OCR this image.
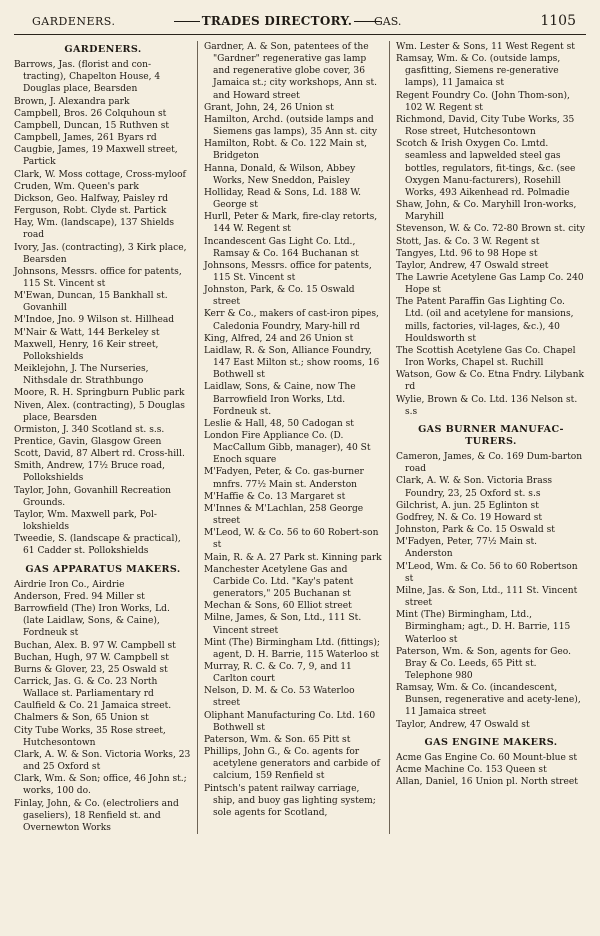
GARDENERS.	TRADES DIRECTORY.	GAS.	1105
GARDENERS.
Barrows, Jas. (florist and con-tracting), Chapelton House, 4 Douglas place, Bearsden
Brown, J. Alexandra park
Campbell, Bros. 26 Colquhoun st
Campbell, Duncan, 15 Ruthven st
Campbell, James, 261 Byars rd
Caugbie, James, 19 Maxwell street, Partick
Clark, W. Moss cottage, Cross-myloof
Cruden, Wm. Queen's park
Dickson, Geo. Halfway, Paisley rd
Ferguson, Robt. Clyde st. Partick
Hay, Wm. (landscape), 137 Shields road
Ivory, Jas. (contracting), 3 Kirk place, Bearsden
Johnsons, Messrs. office for patents, 115 St. Vincent st
M'Ewan, Duncan, 15 Bankhall st. Govanhill
M'Indoe, Jno. 9 Wilson st. Hillhead
M'Nair & Watt, 144 Berkeley st
Maxwell, Henry, 16 Keir street, Pollokshields
Meiklejohn, J. The Nurseries, Nithsdale dr. Strathbungo
Moore, R. H. Springburn Public park
Niven, Alex. (contracting), 5 Douglas place, Bearsden
Ormiston, J. 340 Scotland st. s.s.
Prentice, Gavin, Glasgow Green
Scott, David, 87 Albert rd. Cross-hill.
Smith, Andrew, 17½ Bruce road, Pollokshields
Taylor, John, Govanhill Recreation Grounds.
Taylor, Wm. Maxwell park, Pol-lokshields
Tweedie, S. (landscape & practical), 61 Cadder st. Pollokshields
GAS APPARATUS MAKERS.
Airdrie Iron Co., Airdrie
Anderson, Fred. 94 Miller st
Barrowfield (The) Iron Works, Ld. (late Laidlaw, Sons, & Caine), Fordneuk st
Buchan, Alex. B. 97 W. Campbell st
Buchan, Hugh, 97 W. Campbell st
Burns & Glover, 23, 25 Oswald st
Carrick, Jas. G. & Co. 23 North Wallace st. Parliamentary rd
Caulfield & Co. 21 Jamaica street.
Chalmers & Son, 65 Union st
City Tube Works, 35 Rose street, Hutchesontown
Clark, A. W. & Son. Victoria Works, 23 and 25 Oxford st
Clark, Wm. & Son; office, 46 John st.; works, 100 do.
Finlay, John, & Co. (electroliers and gaseliers), 18 Renfield st. and Overnewton Works
Gardner, A. & Son, patentees of the "Gardner" regenerative gas lamp and regenerative globe cover, 36 Jamaica st.; city workshops, Ann st. and Howard street
Grant, John, 24, 26 Union st
Hamilton, Archd. (outside lamps and Siemens gas lamps), 35 Ann st. city
Hamilton, Robt. & Co. 122 Main st, Bridgeton
Hanna, Donald, & Wilson, Abbey Works, New Sneddon, Paisley
Holliday, Read & Sons, Ld. 188 W. George st
Hurll, Peter & Mark, fire-clay retorts, 144 W. Regent st
Incandescent Gas Light Co. Ltd., Ramsay & Co. 164 Buchanan st
Johnsons, Messrs. office for patents, 115 St. Vincent st
Johnston, Park, & Co. 15 Oswald street
Kerr & Co., makers of cast-iron pipes, Caledonia Foundry, Mary-hill rd
King, Alfred, 24 and 26 Union st
Laidlaw, R. & Son, Alliance Foundry, 147 East Milton st.; show rooms, 16 Bothwell st
Laidlaw, Sons, & Caine, now The Barrowfield Iron Works, Ltd. Fordneuk st.
Leslie & Hall, 48, 50 Cadogan st
London Fire Appliance Co. (D. MacCallum Gibb, manager), 40 St Enoch square
M'Fadyen, Peter, & Co. gas-burner mnfrs. 77½ Main st. Anderston
M'Haffie & Co. 13 Margaret st
M'Innes & M'Lachlan, 258 George street
M'Leod, W. & Co. 56 to 60 Robert-son st
Main, R. & A. 27 Park st. Kinning park
Manchester Acetylene Gas and Carbide Co. Ltd. "Kay's patent generators," 205 Buchanan st
Mechan & Sons, 60 Elliot street
Milne, James, & Son, Ltd., 111 St. Vincent street
Mint (The) Birmingham Ltd. (fittings); agent, D. H. Barrie, 115 Waterloo st
Murray, R. C. & Co. 7, 9, and 11 Carlton court
Nelson, D. M. & Co. 53 Waterloo street
Oliphant Manufacturing Co. Ltd. 160 Bothwell st
Paterson, Wm. & Son. 65 Pitt st
Phillips, John G., & Co. agents for acetylene generators and carbide of calcium, 159 Renfield st
Pintsch's patent railway carriage, ship, and buoy gas lighting system; sole agents for Scotland,
Wm. Lester & Sons, 11 West Regent st
Ramsay, Wm. & Co. (outside lamps, gasfitting, Siemens re-generative lamps), 11 Jamaica st
Regent Foundry Co. (John Thom-son), 102 W. Regent st
Richmond, David, City Tube Works, 35 Rose street, Hutchesontown
Scotch & Irish Oxygen Co. Lmtd. seamless and lapwelded steel gas bottles, regulators, fit-tings, &c. (see Oxygen Manu-facturers), Rosehill Works, 493 Aikenhead rd. Polmadie
Shaw, John, & Co. Maryhill Iron-works, Maryhill
Stevenson, W. & Co. 72-80 Brown st. city
Stott, Jas. & Co. 3 W. Regent st
Tangyes, Ltd. 96 to 98 Hope st
Taylor, Andrew, 47 Oswald street
The Lawrie Acetylene Gas Lamp Co. 240 Hope st
The Patent Paraffin Gas Lighting Co. Ltd. (oil and acetylene for mansions, mills, factories, vil-lages, &c.), 40 Houldsworth st
The Scottish Acetylene Gas Co. Chapel Iron Works, Chapel st. Ruchill
Watson, Gow & Co. Etna Fndry. Lilybank rd
Wylie, Brown & Co. Ltd. 136 Nelson st. s.s
GAS BURNER MANUFAC-TURERS.
Cameron, James, & Co. 169 Dum-barton road
Clark, A. W. & Son. Victoria Brass Foundry, 23, 25 Oxford st. s.s
Gilchrist, A. jun. 25 Eglinton st
Godfrey, N. & Co. 19 Howard st
Johnston, Park & Co. 15 Oswald st
M'Fadyen, Peter, 77½ Main st. Anderston
M'Leod, Wm. & Co. 56 to 60 Robertson st
Milne, Jas. & Son, Ltd., 111 St. Vincent street
Mint (The) Birmingham, Ltd., Birmingham; agt., D. H. Barrie, 115 Waterloo st
Paterson, Wm. & Son, agents for Geo. Bray & Co. Leeds, 65 Pitt st. Telephone 980
Ramsay, Wm. & Co. (incandescent, Bunsen, regenerative and acety-lene), 11 Jamaica street
Taylor, Andrew, 47 Oswald st
GAS ENGINE MAKERS.
Acme Gas Engine Co. 60 Mount-blue st
Acme Machine Co. 153 Queen st
Allan, Daniel, 16 Union pl. North street
